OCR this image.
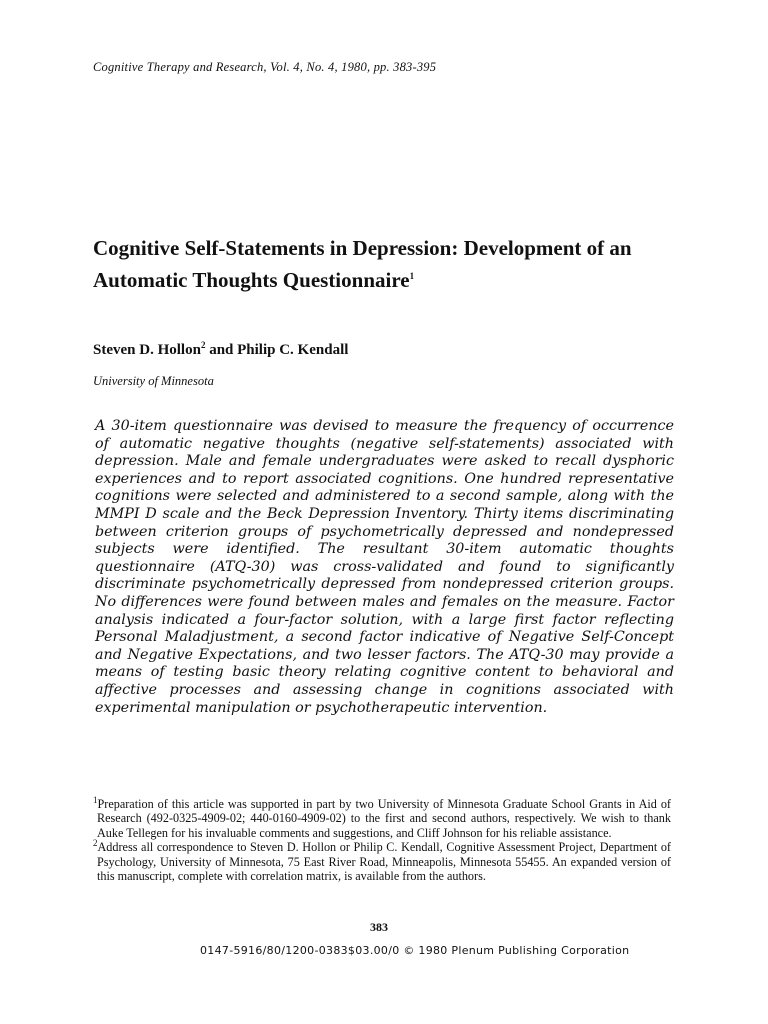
Cognitive Therapy and Research, Vol. 4, No. 4, 1980, pp. 383-395
Cognitive Self-Statements in Depression: Development of an Automatic Thoughts Questionnaire$^1$
Steven D. Hollon$^2$ and Philip C. Kendall
University of Minnesota

A 30-item questionnaire was devised to measure the frequency of occurrence of automatic negative thoughts (negative self-statements) associated with depression. Male and female undergraduates were asked to recall dysphoric experiences and to report associated cognitions. One hundred representative cognitions were selected and administered to a second sample, along with the MMPI D scale and the Beck Depression Inventory. Thirty items discriminating between criterion groups of psychometrically depressed and nondepressed subjects were identified. The resultant 30-item automatic thoughts questionnaire (ATQ-30) was cross-validated and found to significantly discriminate psychometrically depressed from nondepressed criterion groups. No differences were found between males and females on the measure. Factor analysis indicated a four-factor solution, with a large first factor reflecting Personal Maladjustment, a second factor indicative of Negative Self-Concept and Negative Expectations, and two lesser factors. The ATQ-30 may provide a means of testing basic theory relating cognitive content to behavioral and affective processes and assessing change in cognitions associated with experimental manipulation or psychotherapeutic intervention.

$^1$Preparation of this article was supported in part by two University of Minnesota Graduate School Grants in Aid of Research (492-0325-4909-02; 440-0160-4909-02) to the first and second authors, respectively. We wish to thank Auke Tellegen for his invaluable comments and suggestions, and Cliff Johnson for his reliable assistance.

$^2$Address all correspondence to Steven D. Hollon or Philip C. Kendall, Cognitive Assessment Project, Department of Psychology, University of Minnesota, 75 East River Road, Minneapolis, Minnesota 55455. An expanded version of this manuscript, complete with correlation matrix, is available from the authors.

383
0147-5916/80/1200-0383$03.00/0 © 1980 Plenum Publishing Corporation
